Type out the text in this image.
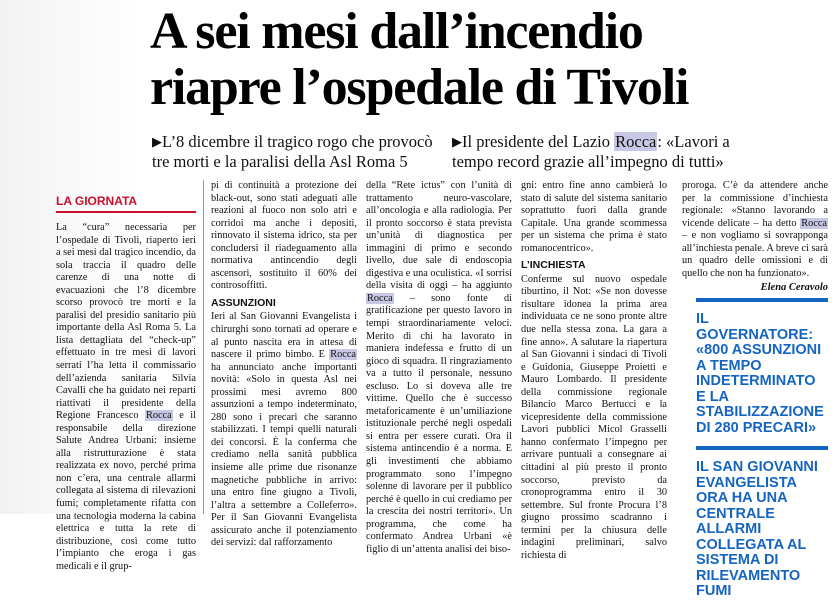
A sei mesi dall’incendio
riapre l’ospedale di Tivoli
▶L’8 dicembre il tragico rogo che provocò
tre morti e la paralisi della Asl Roma 5
▶Il presidente del Lazio Rocca: «Lavori a
tempo record grazie all’impegno di tutti»
LA GIORNATA

La “cura” necessaria per l’ospedale di Tivoli, riaperto ieri a sei mesi dal tragico incendio, da sola traccia il quadro delle carenze di una notte di evacuazioni che l’8 dicembre scorso provocò tre morti e la paralisi del presidio sanitario più importante della Asl Roma 5. La lista dettagliata del “check-up” effettuato in tre mesi di lavori serrati l’ha letta il commissario dell’azienda sanitaria Silvia Cavalli che ha guidato nei reparti riattivati il presidente della Regione Francesco Rocca e il responsabile della direzione Salute Andrea Urbani: insieme alla ristrutturazione è stata realizzata ex novo, perché prima non c’era, una centrale allarmi collegata al sistema di rilevazioni fumi; completamente rifatta con una tecnologia moderna la cabina elettrica e tutta la rete di distribuzione, così come tutto l’impianto che eroga i gas medicali e il grup-

pi di continuità a protezione dei black-out, sono stati adeguati alle reazioni al fuoco non solo atri e corridoi ma anche i depositi, rinnovato il sistema idrico, sta per concludersi il riadeguamento alla normativa antincendio degli ascensori, sostituito il 60% dei controsoffitti.

ASSUNZIONI

Ieri al San Giovanni Evangelista i chirurghi sono tornati ad operare e al punto nascita era in attesa di nascere il primo bimbo. E Rocca ha annunciato anche importanti novità: «Solo in questa Asl nei prossimi mesi avremo 800 assunzioni a tempo indeterminato, 280 sono i precari che saranno stabilizzati. I tempi quelli naturali dei concorsi. È la conferma che crediamo nella sanità pubblica insieme alle prime due risonanze magnetiche pubbliche in arrivo: una entro fine giugno a Tivoli, l’altra a settembre a Colleferro». Per il San Giovanni Evangelista assicurato anche il potenziamento dei servizi: dal rafforzamento

della “Rete ictus” con l’unità di trattamento neuro-vascolare, all’oncologia e alla radiologia. Per il pronto soccorso è stata prevista un’unità di diagnostica per immagini di primo e secondo livello, due sale di endoscopia digestiva e una oculistica. «I sorrisi della visita di oggi – ha aggiunto Rocca – sono fonte di gratificazione per questo lavoro in tempi straordinariamente veloci. Merito di chi ha lavorato in maniera indefessa e frutto di un gioco di squadra. Il ringraziamento va a tutto il personale, nessuno escluso. Lo si doveva alle tre vittime. Quello che è successo metaforicamente è un’umiliazione istituzionale perché negli ospedali si entra per essere curati. Ora il sistema antincendio è a norma. E gli investimenti che abbiamo programmato sono l’impegno solenne di lavorare per il pubblico perché è quello in cui crediamo per la crescita dei nostri territori». Un programma, che come ha confermato Andrea Urbani «è figlio di un’attenta analisi dei biso-

gni: entro fine anno cambierà lo stato di salute del sistema sanitario soprattutto fuori dalla grande Capitale. Una grande scommessa per un sistema che prima è stato romanocentrico».

L’INCHIESTA

Conferme sul nuovo ospedale tiburtino, il Not: «Se non dovesse risultare idonea la prima area individuata ce ne sono pronte altre due nella stessa zona. La gara a fine anno». A salutare la riapertura al San Giovanni i sindaci di Tivoli e Guidonia, Giuseppe Proietti e Mauro Lombardo. Il presidente della commissione regionale Bilancio Marco Bertucci e la vicepresidente della commissione Lavori pubblici Micol Grasselli hanno confermato l’impegno per arrivare puntuali a consegnare ai cittadini al più presto il pronto soccorso, previsto da cronoprogramma entro il 30 settembre. Sul fronte Procura l’8 giugno prossimo scadranno i termini per la chiusura delle indagini preliminari, salvo richiesta di

proroga. C’è da attendere anche per la commissione d’inchiesta regionale: «Stanno lavorando a vicende delicate – ha detto Rocca – e non vogliamo si sovrapponga all’inchiesta penale. A breve ci sarà un quadro delle omissioni e di quello che non ha funzionato».

Elena Ceravolo
IL GOVERNATORE: «800 ASSUNZIONI A TEMPO INDETERMINATO E LA STABILIZZAZIONE DI 280 PRECARI»
IL SAN GIOVANNI EVANGELISTA ORA HA UNA CENTRALE ALLARMI COLLEGATA AL SISTEMA DI RILEVAMENTO FUMI
